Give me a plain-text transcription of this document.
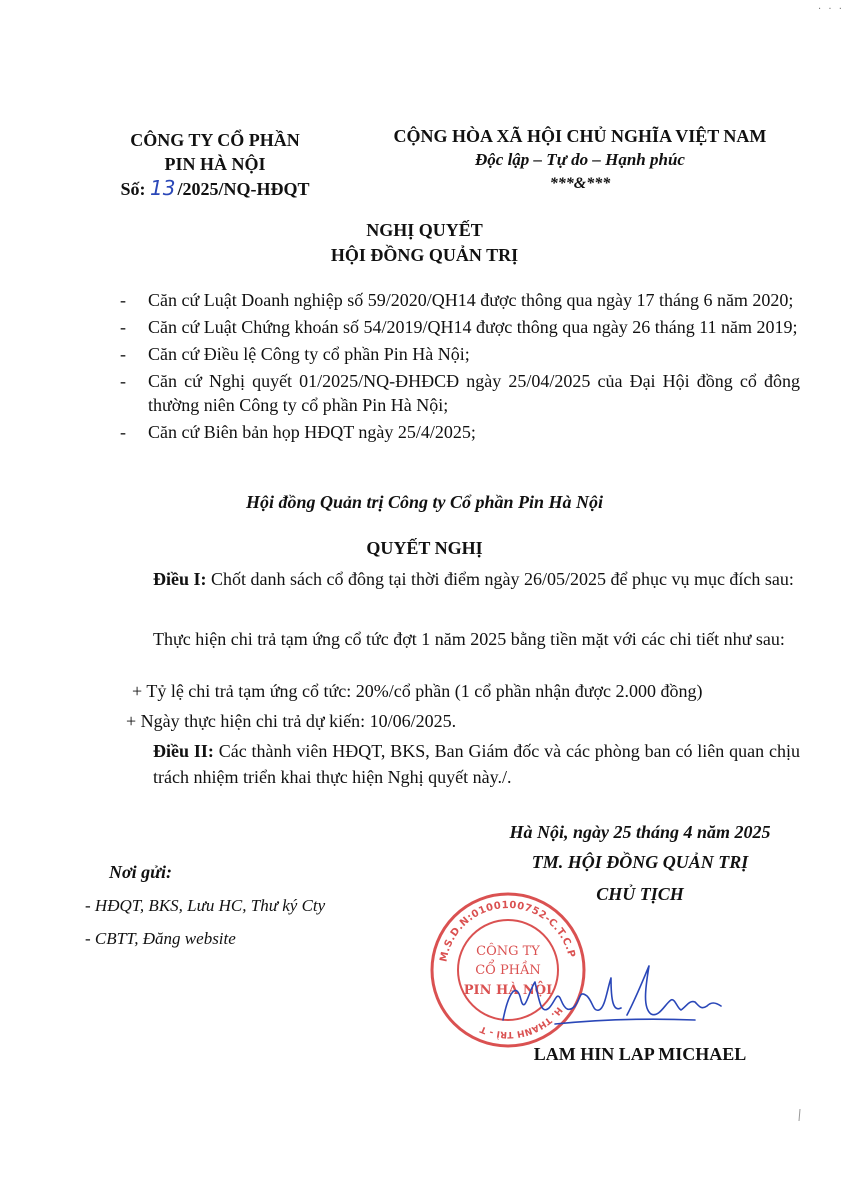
· · ·
CÔNG TY CỔ PHẦN
PIN HÀ NỘI
Số: 13 /2025/NQ-HĐQT
CỘNG HÒA XÃ HỘI CHỦ NGHĨA VIỆT NAM
Độc lập – Tự do – Hạnh phúc
***&***
NGHỊ QUYẾT
HỘI ĐỒNG QUẢN TRỊ
- Căn cứ Luật Doanh nghiệp số 59/2020/QH14 được thông qua ngày 17 tháng 6 năm 2020;
- Căn cứ Luật Chứng khoán số 54/2019/QH14 được thông qua ngày 26 tháng 11 năm 2019;
- Căn cứ Điều lệ Công ty cổ phần Pin Hà Nội;
- Căn cứ Nghị quyết 01/2025/NQ-ĐHĐCĐ ngày 25/04/2025 của Đại Hội đồng cổ đông thường niên Công ty cổ phần Pin Hà Nội;
- Căn cứ Biên bản họp HĐQT ngày 25/4/2025;
Hội đồng Quản trị Công ty Cổ phần Pin Hà Nội
QUYẾT NGHỊ
Điều I: Chốt danh sách cổ đông tại thời điểm ngày 26/05/2025 để phục vụ mục đích sau:
Thực hiện chi trả tạm ứng cổ tức đợt 1 năm 2025 bằng tiền mặt với các chi tiết như sau:
+ Tỷ lệ chi trả tạm ứng cổ tức: 20%/cổ phần (1 cổ phần nhận được 2.000 đồng)
+ Ngày thực hiện chi trả dự kiến: 10/06/2025.
Điều II: Các thành viên HĐQT, BKS, Ban Giám đốc và các phòng ban có liên quan chịu trách nhiệm triển khai thực hiện Nghị quyết này./.
Hà Nội, ngày 25 tháng 4 năm 2025
TM. HỘI ĐỒNG QUẢN TRỊ
CHỦ TỊCH
Nơi gửi:
- HĐQT, BKS, Lưu HC, Thư ký Cty
- CBTT, Đăng website
M.S.D.N:0100100752-C.T.C.P
H. THANH TRÌ - T
CÔNG TY
CỔ PHẦN
PIN HÀ NỘI
LAM HIN LAP MICHAEL
